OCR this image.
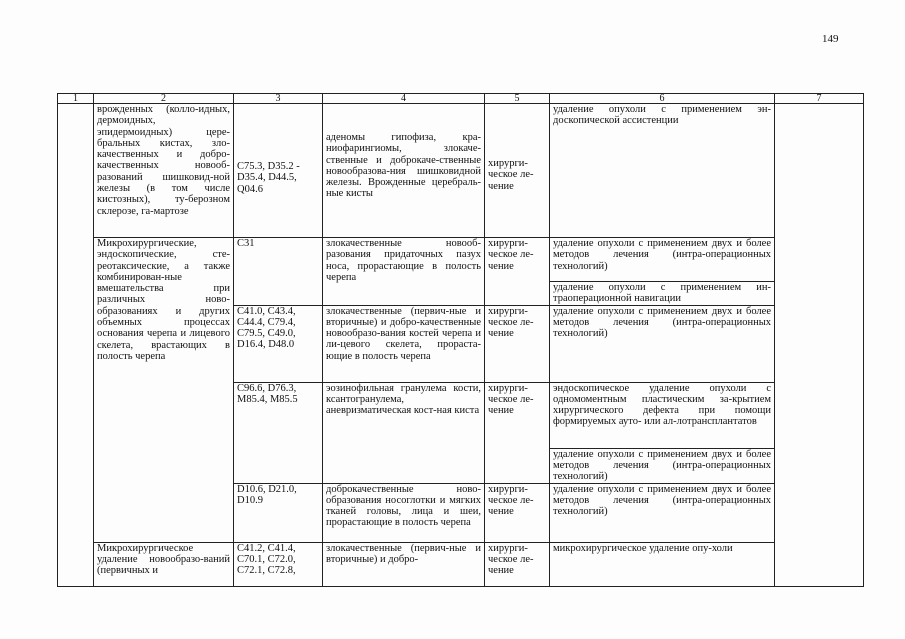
149
1	2	3	4	5	6	7
	врожденных (колло-идных, дермоидных, эпидермоидных) цере-бральных кистах, зло-качественных и добро-качественных новооб-разований шишковид-ной железы (в том числе кистозных), ту-берозном склерозе, га-мартозе	C75.3, D35.2 - D35.4, D44.5, Q04.6	аденомы гипофиза, кра-ниофарингиомы, злокаче-ственные и доброкаче-ственные новообразова-ния шишковидной железы. Врожденные церебраль-ные кисты	хирурги-ческое ле-чение	удаление опухоли с применением эн-доскопической ассистенции	
	Микрохирургические, эндоскопические, сте-реотаксические, а также комбинирован-ные вмешательства при различных ново-образованиях и других объемных процессах основания черепа и лицевого скелета, врастающих в полость черепа	C31	злокачественные новооб-разования придаточных пазух носа, прорастающие в полость черепа	хирурги-ческое ле-чение	удаление опухоли с применением двух и более методов лечения (интра-операционных технологий)	
					удаление опухоли с применением ин-траоперационной навигации	
		C41.0, C43.4, C44.4, C79.4, C79.5, C49.0, D16.4, D48.0	злокачественные (первич-ные и вторичные) и добро-качественные новообразо-вания костей черепа и ли-цевого скелета, прораста-ющие в полость черепа	хирурги-ческое ле-чение	удаление опухоли с применением двух и более методов лечения (интра-операционных технологий)	
		C96.6, D76.3, M85.4, M85.5	эозинофильная гранулема кости, ксантогранулема, аневризматическая кост-ная киста	хирурги-ческое ле-чение	эндоскопическое удаление опухоли с одномоментным пластическим за-крытием хирургического дефекта при помощи формируемых ауто- или ал-лотрансплантатов	
					удаление опухоли с применением двух и более методов лечения (интра-операционных технологий)	
		D10.6, D21.0, D10.9	доброкачественные ново-образования носоглотки и мягких тканей головы, лица и шеи, прорастающие в полость черепа	хирурги-ческое ле-чение	удаление опухоли с применением двух и более методов лечения (интра-операционных технологий)	
	Микрохирургическое удаление новообразо-ваний (первичных и	C41.2, C41.4, C70.1, C72.0, C72.1, C72.8,	злокачественные (первич-ные и вторичные) и добро-	хирурги-ческое ле-чение	микрохирургическое удаление опу-холи	
